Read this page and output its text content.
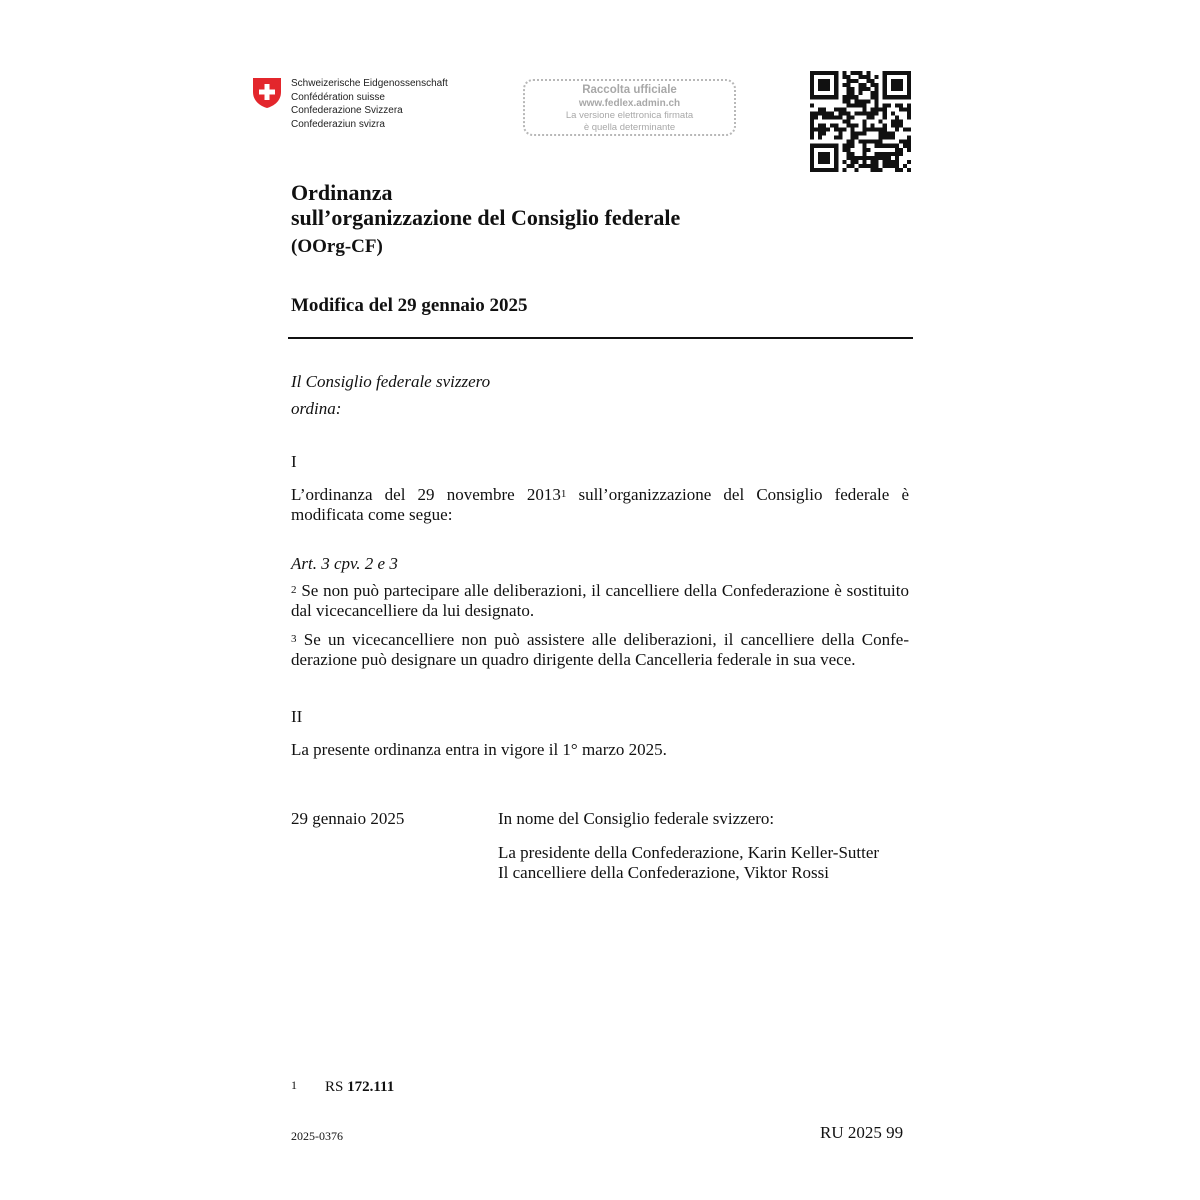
Schweizerische Eidgenossenschaft
Confédération suisse
Confederazione Svizzera
Confederaziun svizra
Raccolta ufficiale
www.fedlex.admin.ch
La versione elettronica firmata
è quella determinante
Ordinanza
sull’organizzazione del Consiglio federale
(OOrg-CF)
Modifica del 29 gennaio 2025
Il Consiglio federale svizzero
ordina:
I
L’ordinanza del 29 novembre 2013$^1$ sull’organizzazione del Consiglio federale è modificata come segue:
Art. 3 cpv. 2 e 3
$^2$ Se non può partecipare alle deliberazioni, il cancelliere della Confederazione è sostituito dal vicecancelliere da lui designato.
$^3$ Se un vicecancelliere non può assistere alle deliberazioni, il cancelliere della Confederazione può designare un quadro dirigente della Cancelleria federale in sua vece.
II
La presente ordinanza entra in vigore il 1° marzo 2025.
29 gennaio 2025	In nome del Consiglio federale svizzero:
La presidente della Confederazione, Karin Keller-Sutter
Il cancelliere della Confederazione, Viktor Rossi
1 RS 172.111
2025-0376	RU 2025 99
